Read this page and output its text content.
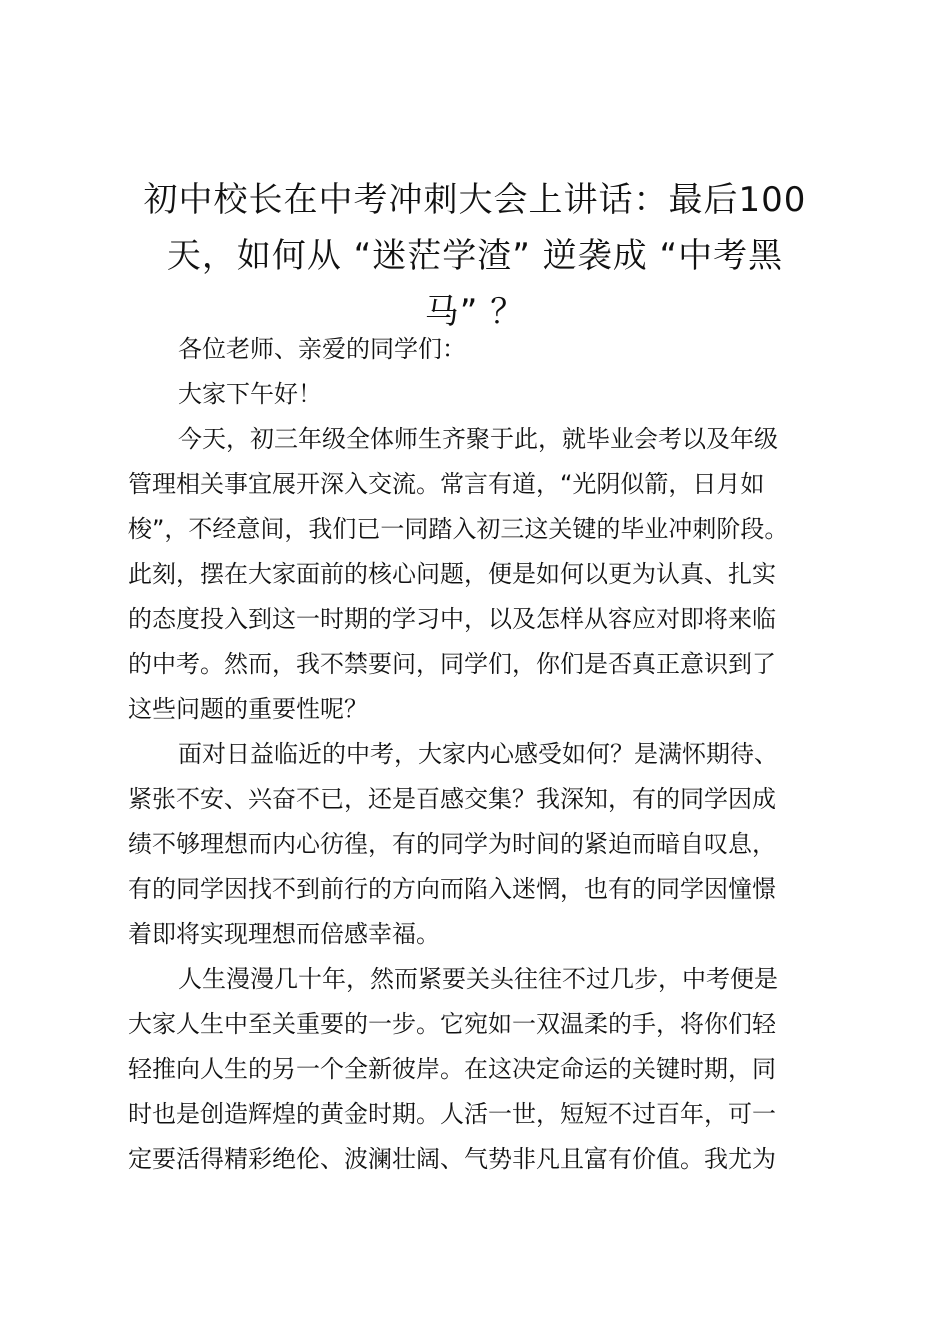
初中校长在中考冲刺大会上讲话：最后100
天，如何从 “迷茫学渣” 逆袭成 “中考黑
马” ？
各位老师、亲爱的同学们：
大家下午好！
今天，初三年级全体师生齐聚于此，就毕业会考以及年级
管理相关事宜展开深入交流。常言有道，“光阴似箭，日月如
梭”，不经意间，我们已一同踏入初三这关键的毕业冲刺阶段。
此刻，摆在大家面前的核心问题，便是如何以更为认真、扎实
的态度投入到这一时期的学习中，以及怎样从容应对即将来临
的中考。然而，我不禁要问，同学们，你们是否真正意识到了
这些问题的重要性呢？
面对日益临近的中考，大家内心感受如何？是满怀期待、
紧张不安、兴奋不已，还是百感交集？我深知，有的同学因成
绩不够理想而内心彷徨，有的同学为时间的紧迫而暗自叹息，
有的同学因找不到前行的方向而陷入迷惘，也有的同学因憧憬
着即将实现理想而倍感幸福。
人生漫漫几十年，然而紧要关头往往不过几步，中考便是
大家人生中至关重要的一步。它宛如一双温柔的手，将你们轻
轻推向人生的另一个全新彼岸。在这决定命运的关键时期，同
时也是创造辉煌的黄金时期。人活一世，短短不过百年，可一
定要活得精彩绝伦、波澜壮阔、气势非凡且富有价值。我尤为
